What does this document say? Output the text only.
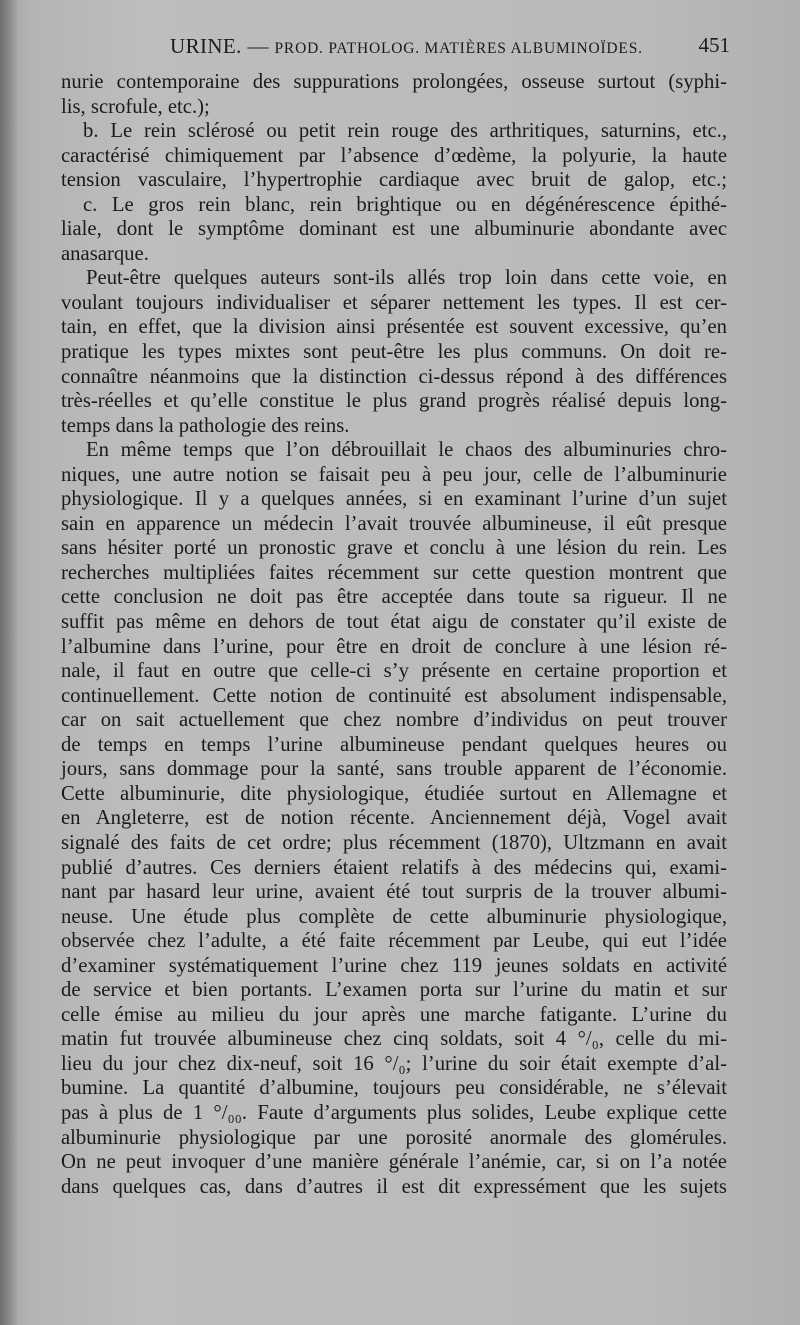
URINE. — PROD. PATHOLOG. MATIÈRES ALBUMINOÏDES.	451
nurie contemporaine des suppurations prolongées, osseuse surtout (syphi-
lis, scrofule, etc.);
b. Le rein sclérosé ou petit rein rouge des arthritiques, saturnins, etc.,
caractérisé chimiquement par l’absence d’œdème, la polyurie, la haute
tension vasculaire, l’hypertrophie cardiaque avec bruit de galop, etc.;
c. Le gros rein blanc, rein brightique ou en dégénérescence épithé-
liale, dont le symptôme dominant est une albuminurie abondante avec
anasarque.
Peut-être quelques auteurs sont-ils allés trop loin dans cette voie, en
voulant toujours individualiser et séparer nettement les types. Il est cer-
tain, en effet, que la division ainsi présentée est souvent excessive, qu’en
pratique les types mixtes sont peut-être les plus communs. On doit re-
connaître néanmoins que la distinction ci-dessus répond à des différences
très-réelles et qu’elle constitue le plus grand progrès réalisé depuis long-
temps dans la pathologie des reins.
En même temps que l’on débrouillait le chaos des albuminuries chro-
niques, une autre notion se faisait peu à peu jour, celle de l’albuminurie
physiologique. Il y a quelques années, si en examinant l’urine d’un sujet
sain en apparence un médecin l’avait trouvée albumineuse, il eût presque
sans hésiter porté un pronostic grave et conclu à une lésion du rein. Les
recherches multipliées faites récemment sur cette question montrent que
cette conclusion ne doit pas être acceptée dans toute sa rigueur. Il ne
suffit pas même en dehors de tout état aigu de constater qu’il existe de
l’albumine dans l’urine, pour être en droit de conclure à une lésion ré-
nale, il faut en outre que celle-ci s’y présente en certaine proportion et
continuellement. Cette notion de continuité est absolument indispensable,
car on sait actuellement que chez nombre d’individus on peut trouver
de temps en temps l’urine albumineuse pendant quelques heures ou
jours, sans dommage pour la santé, sans trouble apparent de l’économie.
Cette albuminurie, dite physiologique, étudiée surtout en Allemagne et
en Angleterre, est de notion récente. Anciennement déjà, Vogel avait
signalé des faits de cet ordre; plus récemment (1870), Ultzmann en avait
publié d’autres. Ces derniers étaient relatifs à des médecins qui, exami-
nant par hasard leur urine, avaient été tout surpris de la trouver albumi-
neuse. Une étude plus complète de cette albuminurie physiologique,
observée chez l’adulte, a été faite récemment par Leube, qui eut l’idée
d’examiner systématiquement l’urine chez 119 jeunes soldats en activité
de service et bien portants. L’examen porta sur l’urine du matin et sur
celle émise au milieu du jour après une marche fatigante. L’urine du
matin fut trouvée albumineuse chez cinq soldats, soit 4 °/₀, celle du mi-
lieu du jour chez dix-neuf, soit 16 °/₀; l’urine du soir était exempte d’al-
bumine. La quantité d’albumine, toujours peu considérable, ne s’élevait
pas à plus de 1 °/₀₀. Faute d’arguments plus solides, Leube explique cette
albuminurie physiologique par une porosité anormale des glomérules.
On ne peut invoquer d’une manière générale l’anémie, car, si on l’a notée
dans quelques cas, dans d’autres il est dit expressément que les sujets
